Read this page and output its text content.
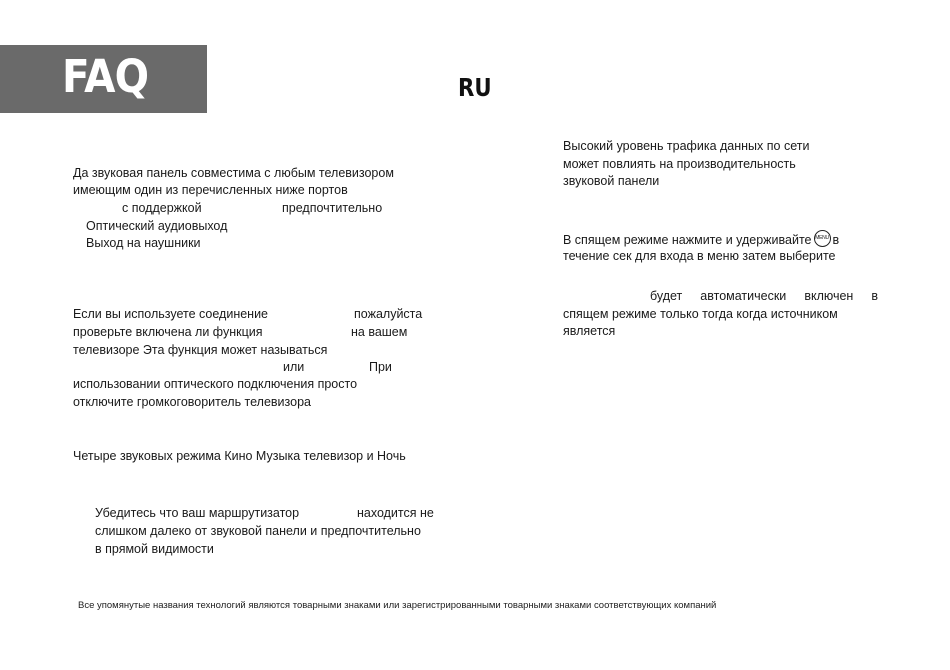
FAQ	RU
Да звуковая панель совместима с любым телевизором
имеющим один из перечисленных ниже портов
с поддержкой	предпочтительно
Оптический аудиовыход
Выход на наушники
Если вы используете соединение	пожалуйста
проверьте включена ли функция	на вашем
телевизоре Эта функция может называться
или	При
использовании оптического подключения просто
отключите громкоговоритель телевизора
Четыре звуковых режима Кино Музыка телевизор и Ночь
Убедитесь что ваш маршрутизатор	находится не
слишком далеко от звуковой панели и предпочтительно
в прямой видимости
Высокий уровень трафика данных по сети
может повлиять на производительность
звуковой панели
В спящем режиме нажмите и удерживайте MENU в
течение сек для входа в меню затем выберите
будет автоматически включен в
спящем режиме только тогда когда источником
является
Все упомянутые названия технологий являются товарными знаками или зарегистрированными товарными знаками соответствующих компаний
